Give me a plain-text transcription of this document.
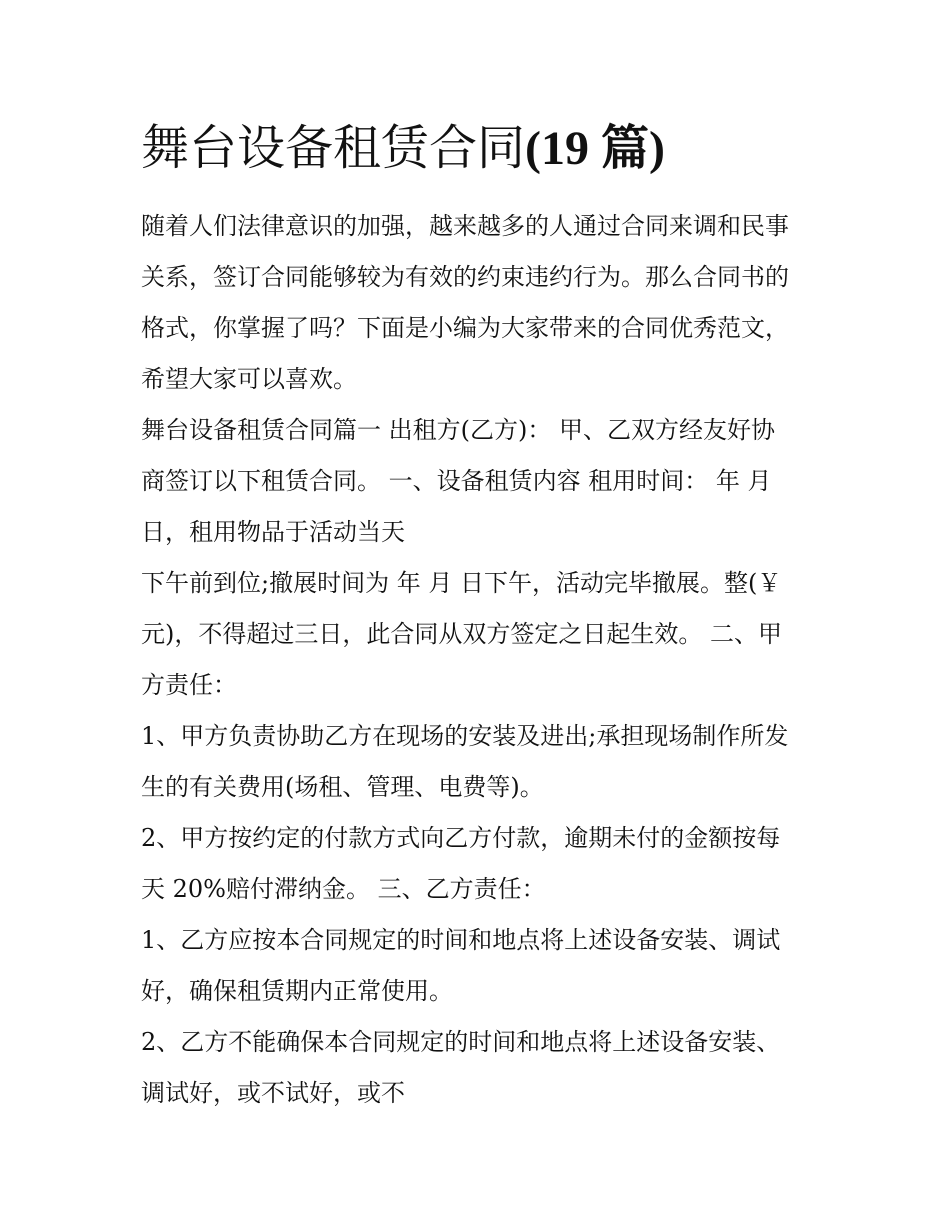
舞台设备租赁合同(19 篇)
随着人们法律意识的加强，越来越多的人通过合同来调和民事
关系，签订合同能够较为有效的约束违约行为。那么合同书的
格式，你掌握了吗？下面是小编为大家带来的合同优秀范文，
希望大家可以喜欢。
舞台设备租赁合同篇一 出租方(乙方)： 甲、乙双方经友好协
商签订以下租赁合同。 一、设备租赁内容 租用时间： 年 月
日，租用物品于活动当天
下午前到位;撤展时间为 年 月 日下午，活动完毕撤展。整(￥
元)，不得超过三日，此合同从双方签定之日起生效。 二、甲
方责任：
1、甲方负责协助乙方在现场的安装及进出;承担现场制作所发
生的有关费用(场租、管理、电费等)。
2、甲方按约定的付款方式向乙方付款，逾期未付的金额按每
天 20%赔付滞纳金。 三、乙方责任：
1、乙方应按本合同规定的时间和地点将上述设备安装、调试
好，确保租赁期内正常使用。
2、乙方不能确保本合同规定的时间和地点将上述设备安装、
调试好，或不试好，或不
